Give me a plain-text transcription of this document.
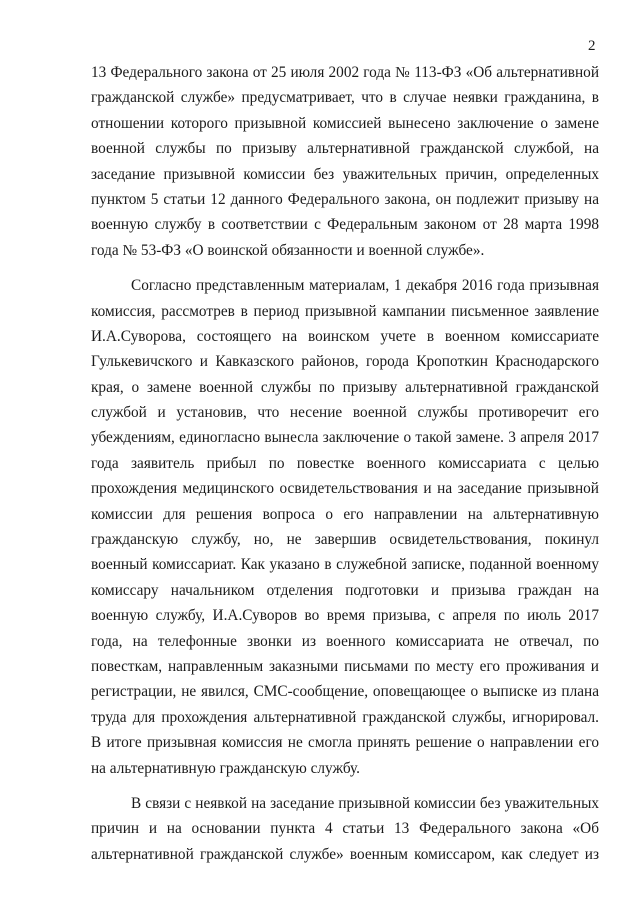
2

13 Федерального закона от 25 июля 2002 года № 113-ФЗ «Об альтернативной
гражданской службе» предусматривает, что в случае неявки гражданина, в
отношении которого призывной комиссией вынесено заключение о замене
военной службы по призыву альтернативной гражданской службой, на
заседание призывной комиссии без уважительных причин, определенных
пунктом 5 статьи 12 данного Федерального закона, он подлежит призыву на
военную службу в соответствии с Федеральным законом от 28 марта 1998
года № 53-ФЗ «О воинской обязанности и военной службе».

Согласно представленным материалам, 1 декабря 2016 года призывная
комиссия, рассмотрев в период призывной кампании письменное заявление
И.А.Суворова, состоящего на воинском учете в военном комиссариате
Гулькевичского и Кавказского районов, города Кропоткин Краснодарского
края, о замене военной службы по призыву альтернативной гражданской
службой и установив, что несение военной службы противоречит его
убеждениям, единогласно вынесла заключение о такой замене. 3 апреля 2017
года заявитель прибыл по повестке военного комиссариата с целью
прохождения медицинского освидетельствования и на заседание призывной
комиссии для решения вопроса о его направлении на альтернативную
гражданскую службу, но, не завершив освидетельствования, покинул
военный комиссариат. Как указано в служебной записке, поданной военному
комиссару начальником отделения подготовки и призыва граждан на
военную службу, И.А.Суворов во время призыва, с апреля по июль 2017
года, на телефонные звонки из военного комиссариата не отвечал, по
повесткам, направленным заказными письмами по месту его проживания и
регистрации, не явился, СМС-сообщение, оповещающее о выписке из плана
труда для прохождения альтернативной гражданской службы, игнорировал.
В итоге призывная комиссия не смогла принять решение о направлении его
на альтернативную гражданскую службу.

В связи с неявкой на заседание призывной комиссии без уважительных
причин и на основании пункта 4 статьи 13 Федерального закона «Об
альтернативной гражданской службе» военным комиссаром, как следует из
